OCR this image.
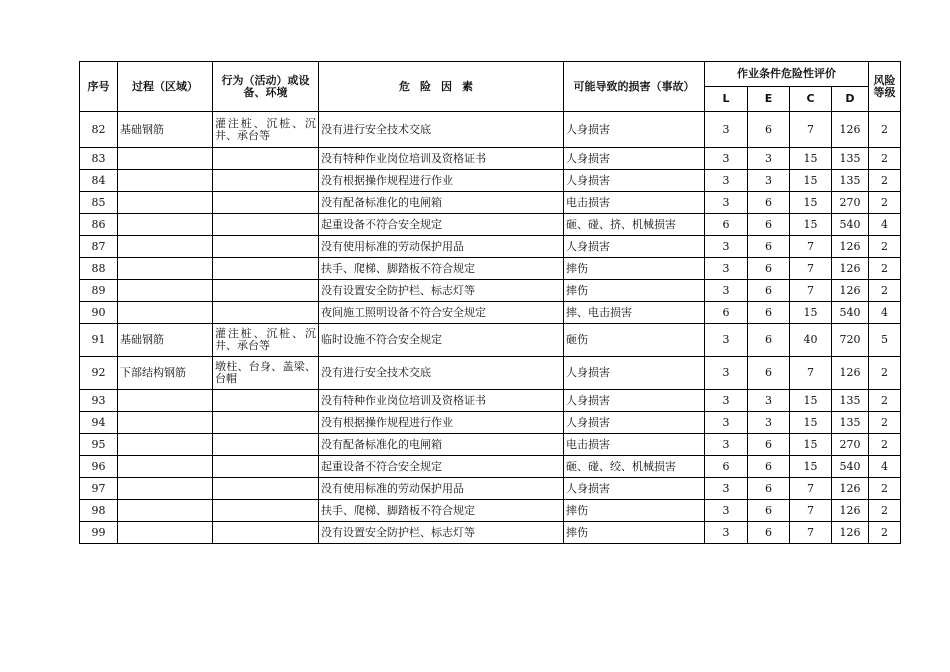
序号	过程（区域）	行为（活动）或设备、环境	危险因素	可能导致的损害（事故）	作业条件危险性评价				风险等级
					L	E	C	D	
82	基础钢筋	灌注桩、沉桩、沉井、承台等	没有进行安全技术交底	人身损害	3	6	7	126	2
83			没有特种作业岗位培训及资格证书	人身损害	3	3	15	135	2
84			没有根据操作规程进行作业	人身损害	3	3	15	135	2
85			没有配备标准化的电闸箱	电击损害	3	6	15	270	2
86			起重设备不符合安全规定	砸、碰、挤、机械损害	6	6	15	540	4
87			没有使用标准的劳动保护用品	人身损害	3	6	7	126	2
88			扶手、爬梯、脚踏板不符合规定	摔伤	3	6	7	126	2
89			没有设置安全防护栏、标志灯等	摔伤	3	6	7	126	2
90			夜间施工照明设备不符合安全规定	摔、电击损害	6	6	15	540	4
91	基础钢筋	灌注桩、沉桩、沉井、承台等	临时设施不符合安全规定	砸伤	3	6	40	720	5
92	下部结构钢筋	墩柱、台身、盖梁、台帽	没有进行安全技术交底	人身损害	3	6	7	126	2
93			没有特种作业岗位培训及资格证书	人身损害	3	3	15	135	2
94			没有根据操作规程进行作业	人身损害	3	3	15	135	2
95			没有配备标准化的电闸箱	电击损害	3	6	15	270	2
96			起重设备不符合安全规定	砸、碰、绞、机械损害	6	6	15	540	4
97			没有使用标准的劳动保护用品	人身损害	3	6	7	126	2
98			扶手、爬梯、脚踏板不符合规定	摔伤	3	6	7	126	2
99			没有设置安全防护栏、标志灯等	摔伤	3	6	7	126	2
